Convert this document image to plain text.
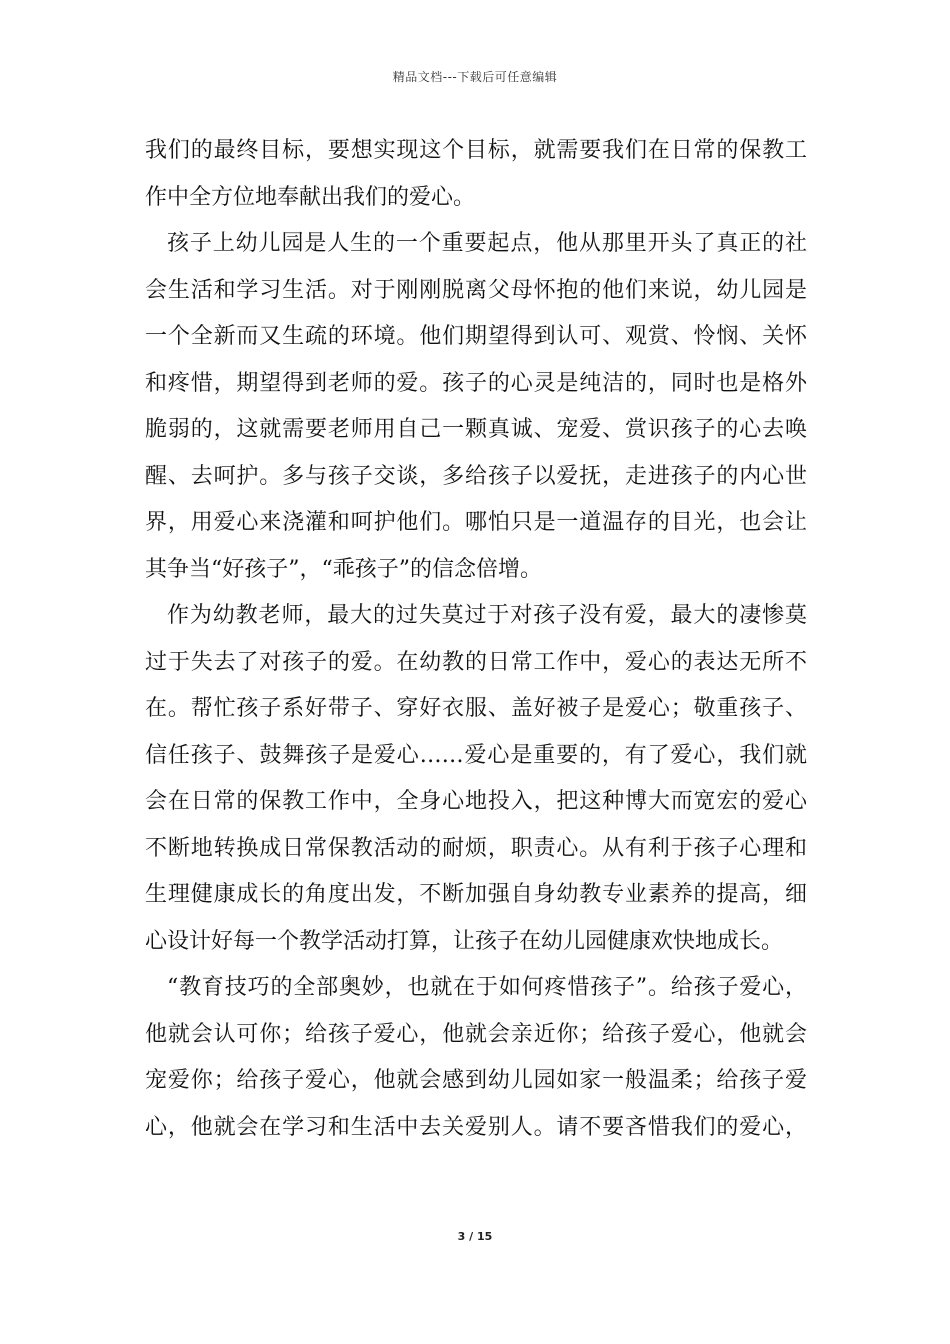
精品文档---下载后可任意编辑
我们的最终目标，要想实现这个目标，就需要我们在日常的保教工
作中全方位地奉献出我们的爱心。
孩子上幼儿园是人生的一个重要起点，他从那里开头了真正的社
会生活和学习生活。对于刚刚脱离父母怀抱的他们来说，幼儿园是
一个全新而又生疏的环境。他们期望得到认可、观赏、怜悯、关怀
和疼惜，期望得到老师的爱。孩子的心灵是纯洁的，同时也是格外
脆弱的，这就需要老师用自己一颗真诚、宠爱、赏识孩子的心去唤
醒、去呵护。多与孩子交谈，多给孩子以爱抚，走进孩子的内心世
界，用爱心来浇灌和呵护他们。哪怕只是一道温存的目光，也会让
其争当“好孩子”，“乖孩子”的信念倍增。
作为幼教老师，最大的过失莫过于对孩子没有爱，最大的凄惨莫
过于失去了对孩子的爱。在幼教的日常工作中，爱心的表达无所不
在。帮忙孩子系好带子、穿好衣服、盖好被子是爱心；敬重孩子、
信任孩子、鼓舞孩子是爱心……爱心是重要的，有了爱心，我们就
会在日常的保教工作中，全身心地投入，把这种博大而宽宏的爱心
不断地转换成日常保教活动的耐烦，职责心。从有利于孩子心理和
生理健康成长的角度出发，不断加强自身幼教专业素养的提高，细
心设计好每一个教学活动打算，让孩子在幼儿园健康欢快地成长。
“教育技巧的全部奥妙，也就在于如何疼惜孩子”。给孩子爱心，
他就会认可你；给孩子爱心，他就会亲近你；给孩子爱心，他就会
宠爱你；给孩子爱心，他就会感到幼儿园如家一般温柔；给孩子爱
心，他就会在学习和生活中去关爱别人。请不要吝惜我们的爱心，
3 / 15
